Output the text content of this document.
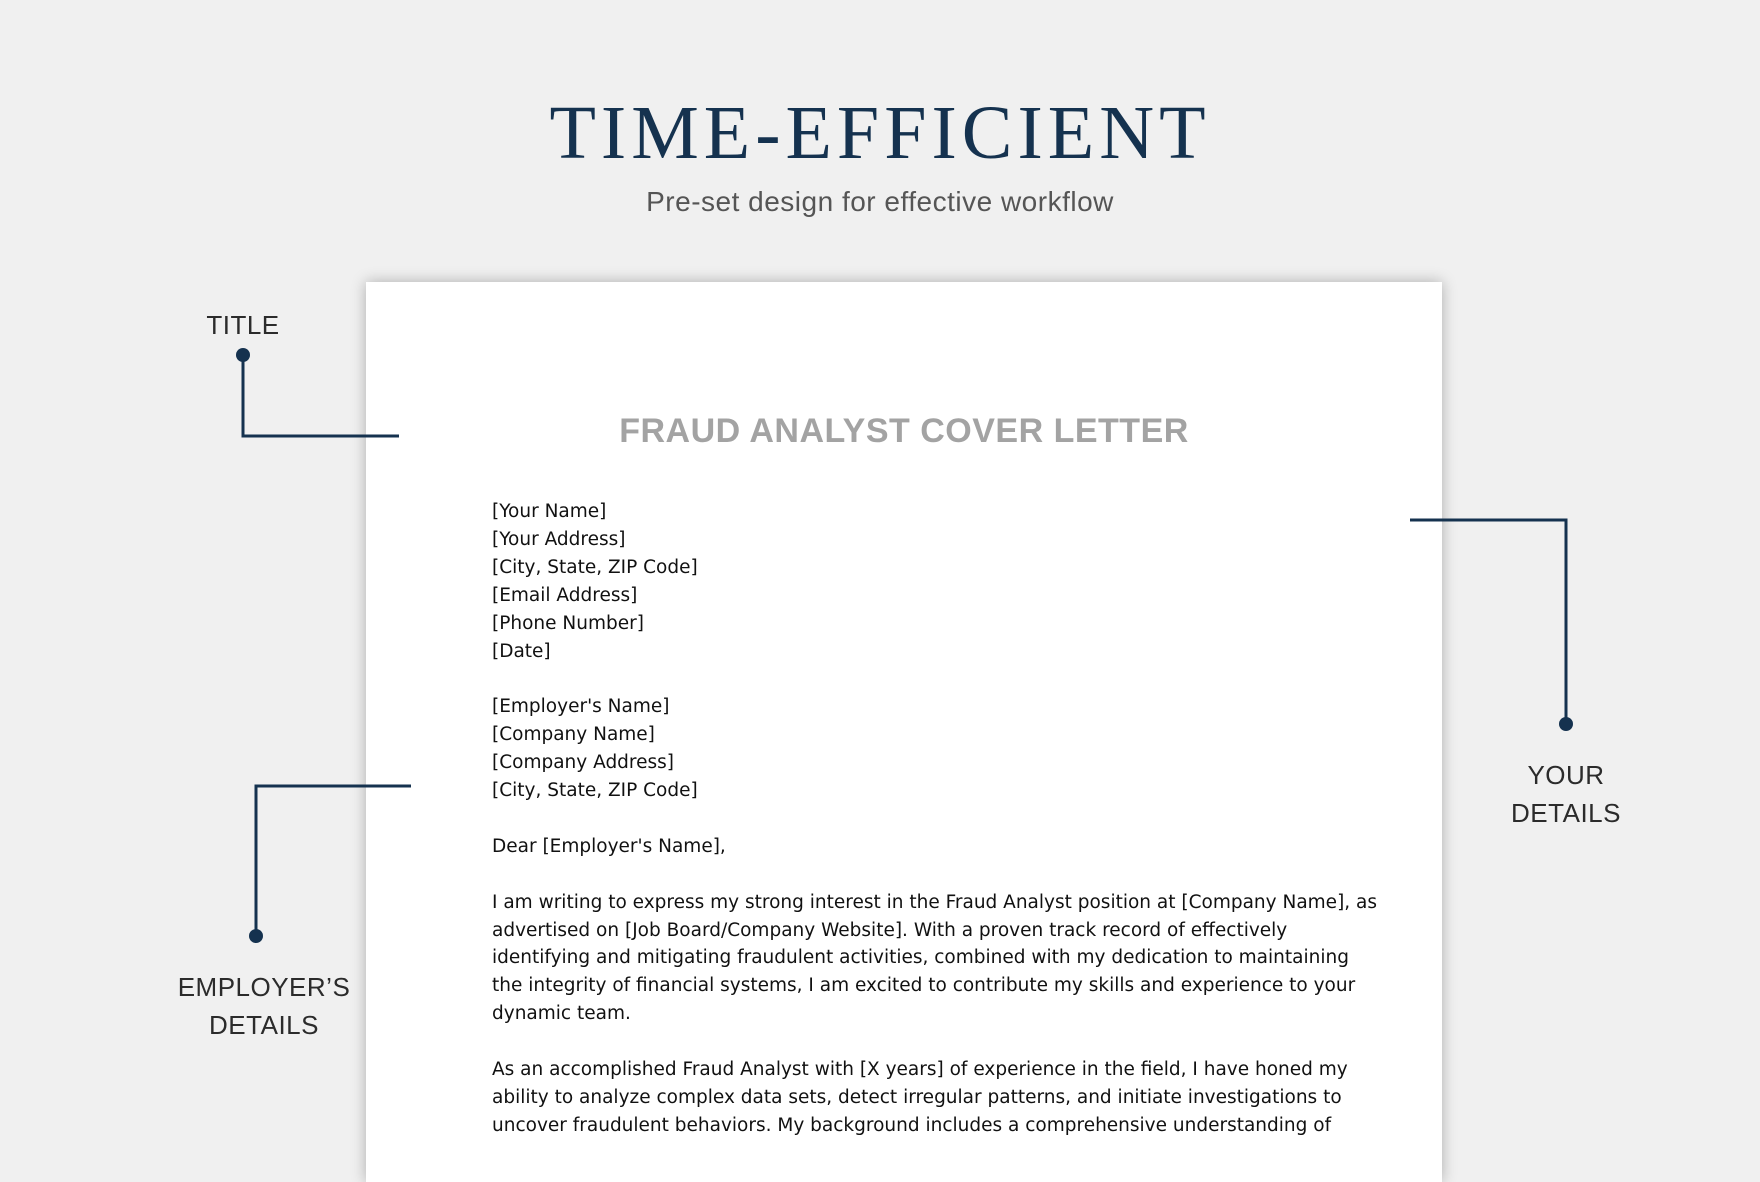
TIME-EFFICIENT
Pre-set design for effective workflow
FRAUD ANALYST COVER LETTER
[Your Name]
[Your Address]
[City, State, ZIP Code]
[Email Address]
[Phone Number]
[Date]
[Employer's Name]
[Company Name]
[Company Address]
[City, State, ZIP Code]

Dear [Employer's Name],

I am writing to express my strong interest in the Fraud Analyst position at [Company Name], as
advertised on [Job Board/Company Website]. With a proven track record of effectively
identifying and mitigating fraudulent activities, combined with my dedication to maintaining
the integrity of financial systems, I am excited to contribute my skills and experience to your
dynamic team.

As an accomplished Fraud Analyst with [X years] of experience in the field, I have honed my
ability to analyze complex data sets, detect irregular patterns, and initiate investigations to
uncover fraudulent behaviors. My background includes a comprehensive understanding of

TITLE
YOUR
DETAILS
EMPLOYER’S
DETAILS
